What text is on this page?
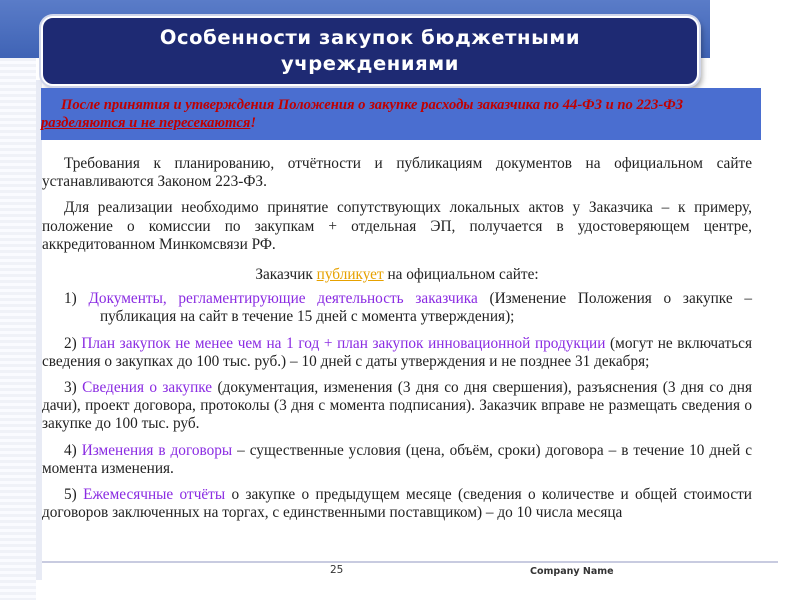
Особенности закупок бюджетными учреждениями
После принятия и утверждения Положения о закупке расходы заказчика по 44-ФЗ и по 223-ФЗ разделяются и не пересекаются!

Требования к планированию, отчётности и публикациям документов на официальном сайте устанавливаются Законом 223-ФЗ.

Для реализации необходимо принятие сопутствующих локальных актов у Заказчика – к примеру, положение о комиссии по закупкам + отдельная ЭП, получается в удостоверяющем центре, аккредитованном Минкомсвязи РФ.

Заказчик публикует на официальном сайте:

1) Документы, регламентирующие деятельность заказчика (Изменение Положения о закупке – публикация на сайт в течение 15 дней с момента утверждения);

2) План закупок не менее чем на 1 год + план закупок инновационной продукции (могут не включаться сведения о закупках до 100 тыс. руб.) – 10 дней с даты утверждения и не позднее 31 декабря;

3) Сведения о закупке (документация, изменения (3 дня со дня свершения), разъяснения (3 дня со дня дачи), проект договора, протоколы (3 дня с момента подписания). Заказчик вправе не размещать сведения о закупке до 100 тыс. руб.

4) Изменения в договоры – существенные условия (цена, объём, сроки) договора – в течение 10 дней с момента изменения.

5) Ежемесячные отчёты о закупке о предыдущем месяце (сведения о количестве и общей стоимости договоров заключенных на торгах, с единственными поставщиком) – до 10 числа месяца

25	Company Name
